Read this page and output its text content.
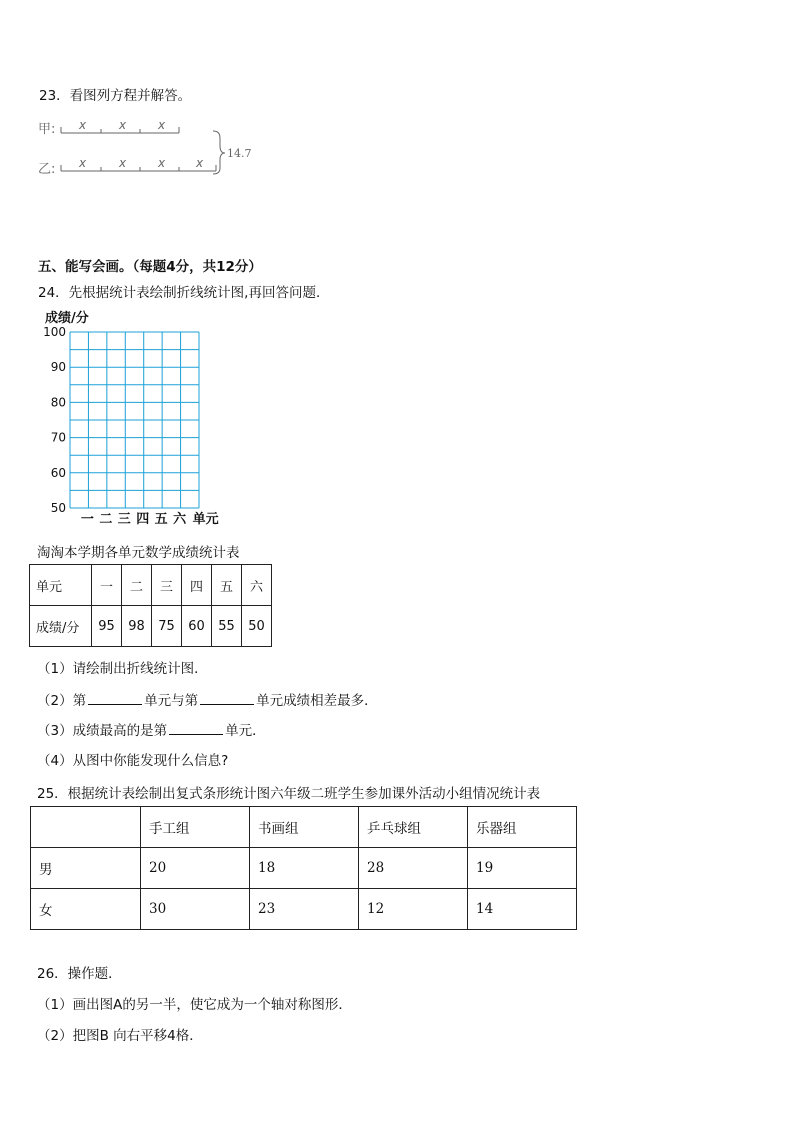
23．看图列方程并解答。
甲:
乙:
x	x	x
x	x	x	x
14.7
五、能写会画。（每题4分，共12分）
24．先根据统计表绘制折线统计图,再回答问题．
成绩/分
100
90
80
70
60
50
一 二 三 四 五 六 单元
淘淘本学期各单元数学成绩统计表
单元	一	二	三	四	五	六
成绩/分	95	98	75	60	55	50
（1）请绘制出折线统计图．
（2）第	单元与第	单元成绩相差最多．
（3）成绩最高的是第	单元．
（4）从图中你能发现什么信息?
25．根据统计表绘制出复式条形统计图六年级二班学生参加课外活动小组情况统计表
	手工组	书画组	乒乓球组	乐器组
男	20	18	28	19
女	30	23	12	14
26．操作题．
（1）画出图A的另一半，使它成为一个轴对称图形．
（2）把图B 向右平移4格．
